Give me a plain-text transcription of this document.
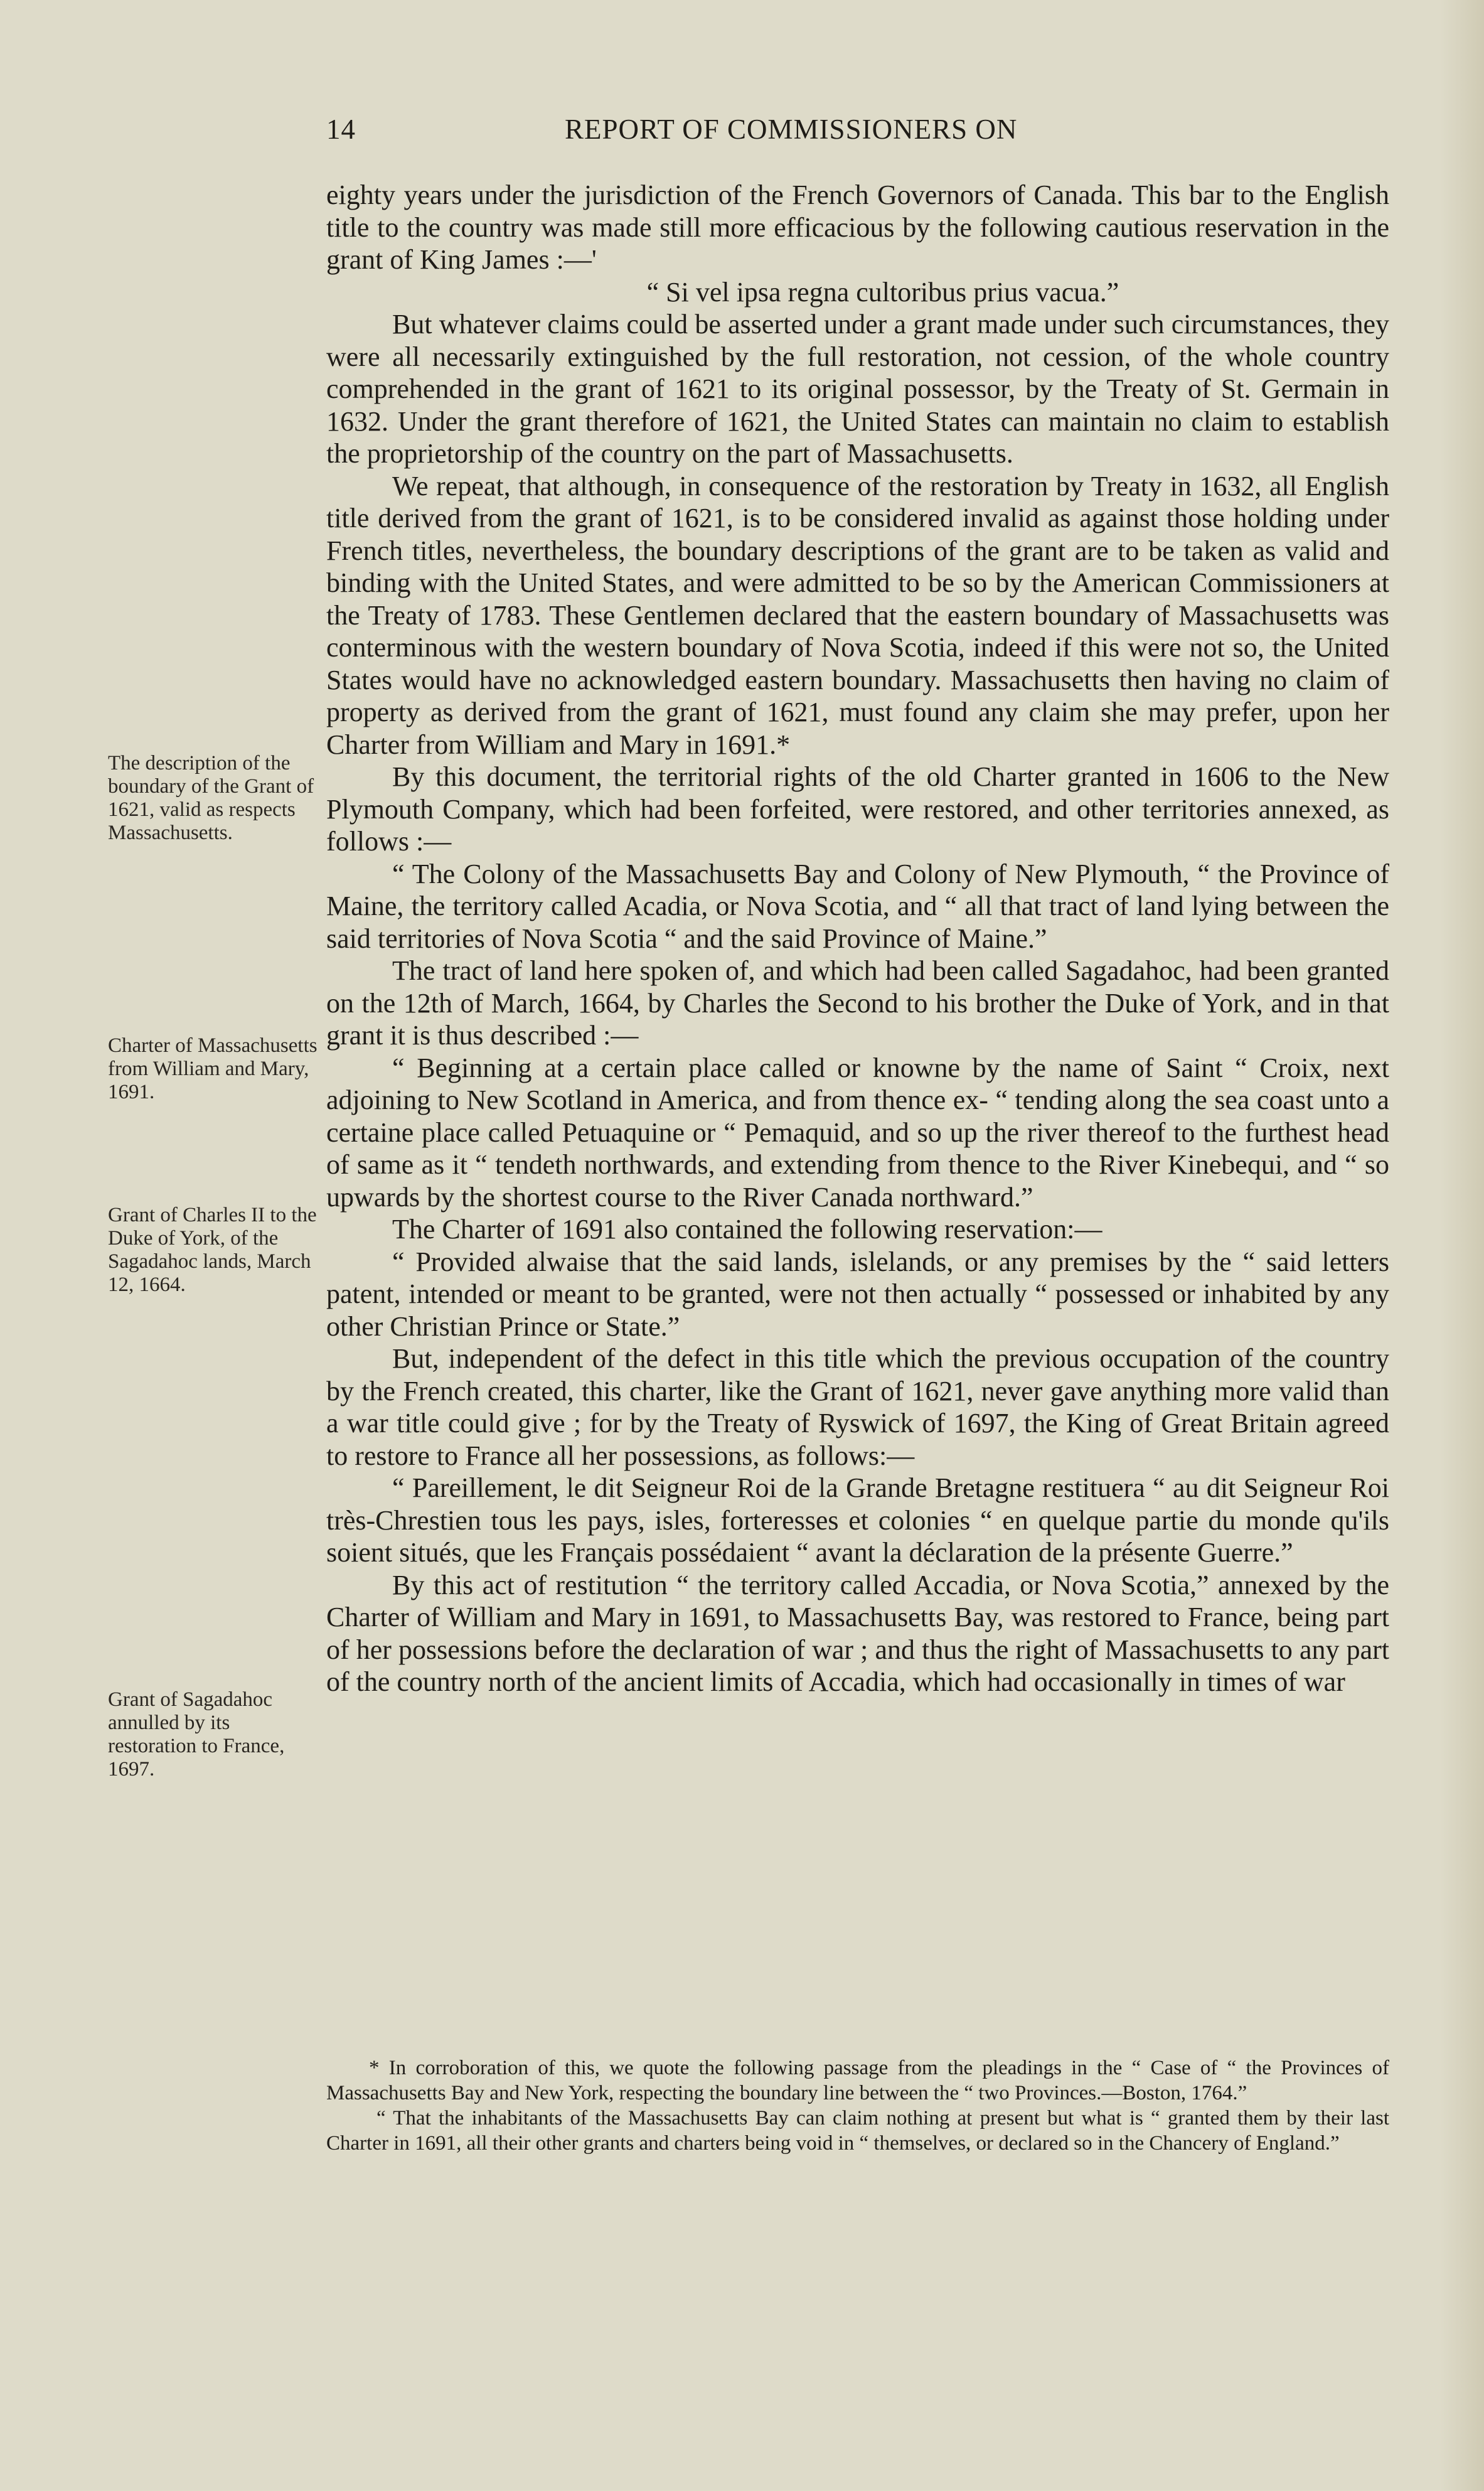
14	REPORT OF COMMISSIONERS ON

The description of the boundary of the Grant of 1621, valid as respects Massachusetts.

Charter of Massachusetts from William and Mary, 1691.

Grant of Charles II to the Duke of York, of the Sagadahoc lands, March 12, 1664.

Grant of Sagadahoc annulled by its restoration to France, 1697.

eighty years under the jurisdiction of the French Governors of Canada. This bar to the English title to the country was made still more efficacious by the following cautious reservation in the grant of King James :—'

“ Si vel ipsa regna cultoribus prius vacua.”

But whatever claims could be asserted under a grant made under such circumstances, they were all necessarily extinguished by the full restoration, not cession, of the whole country comprehended in the grant of 1621 to its original possessor, by the Treaty of St. Germain in 1632. Under the grant therefore of 1621, the United States can maintain no claim to establish the proprietorship of the country on the part of Massachusetts.

We repeat, that although, in consequence of the restoration by Treaty in 1632, all English title derived from the grant of 1621, is to be considered invalid as against those holding under French titles, nevertheless, the boundary descriptions of the grant are to be taken as valid and binding with the United States, and were admitted to be so by the American Commissioners at the Treaty of 1783. These Gentlemen declared that the eastern boundary of Massachusetts was conterminous with the western boundary of Nova Scotia, indeed if this were not so, the United States would have no acknowledged eastern boundary. Massachusetts then having no claim of property as derived from the grant of 1621, must found any claim she may prefer, upon her Charter from William and Mary in 1691.*

By this document, the territorial rights of the old Charter granted in 1606 to the New Plymouth Company, which had been forfeited, were restored, and other territories annexed, as follows :—

“ The Colony of the Massachusetts Bay and Colony of New Plymouth, “ the Province of Maine, the territory called Acadia, or Nova Scotia, and “ all that tract of land lying between the said territories of Nova Scotia “ and the said Province of Maine.”

The tract of land here spoken of, and which had been called Sagadahoc, had been granted on the 12th of March, 1664, by Charles the Second to his brother the Duke of York, and in that grant it is thus described :—

“ Beginning at a certain place called or knowne by the name of Saint “ Croix, next adjoining to New Scotland in America, and from thence ex- “ tending along the sea coast unto a certaine place called Petuaquine or “ Pemaquid, and so up the river thereof to the furthest head of same as it “ tendeth northwards, and extending from thence to the River Kinebequi, and “ so upwards by the shortest course to the River Canada northward.”

The Charter of 1691 also contained the following reservation:—

“ Provided alwaise that the said lands, islelands, or any premises by the “ said letters patent, intended or meant to be granted, were not then actually “ possessed or inhabited by any other Christian Prince or State.”

But, independent of the defect in this title which the previous occupation of the country by the French created, this charter, like the Grant of 1621, never gave anything more valid than a war title could give ; for by the Treaty of Ryswick of 1697, the King of Great Britain agreed to restore to France all her possessions, as follows:—

“ Pareillement, le dit Seigneur Roi de la Grande Bretagne restituera “ au dit Seigneur Roi très-Chrestien tous les pays, isles, forteresses et colonies “ en quelque partie du monde qu'ils soient situés, que les Français possédaient “ avant la déclaration de la présente Guerre.”

By this act of restitution “ the territory called Accadia, or Nova Scotia,” annexed by the Charter of William and Mary in 1691, to Massachusetts Bay, was restored to France, being part of her possessions before the declaration of war ; and thus the right of Massachusetts to any part of the country north of the ancient limits of Accadia, which had occasionally in times of war

* In corroboration of this, we quote the following passage from the pleadings in the “ Case of “ the Provinces of Massachusetts Bay and New York, respecting the boundary line between the “ two Provinces.—Boston, 1764.”

“ That the inhabitants of the Massachusetts Bay can claim nothing at present but what is “ granted them by their last Charter in 1691, all their other grants and charters being void in “ themselves, or declared so in the Chancery of England.”
